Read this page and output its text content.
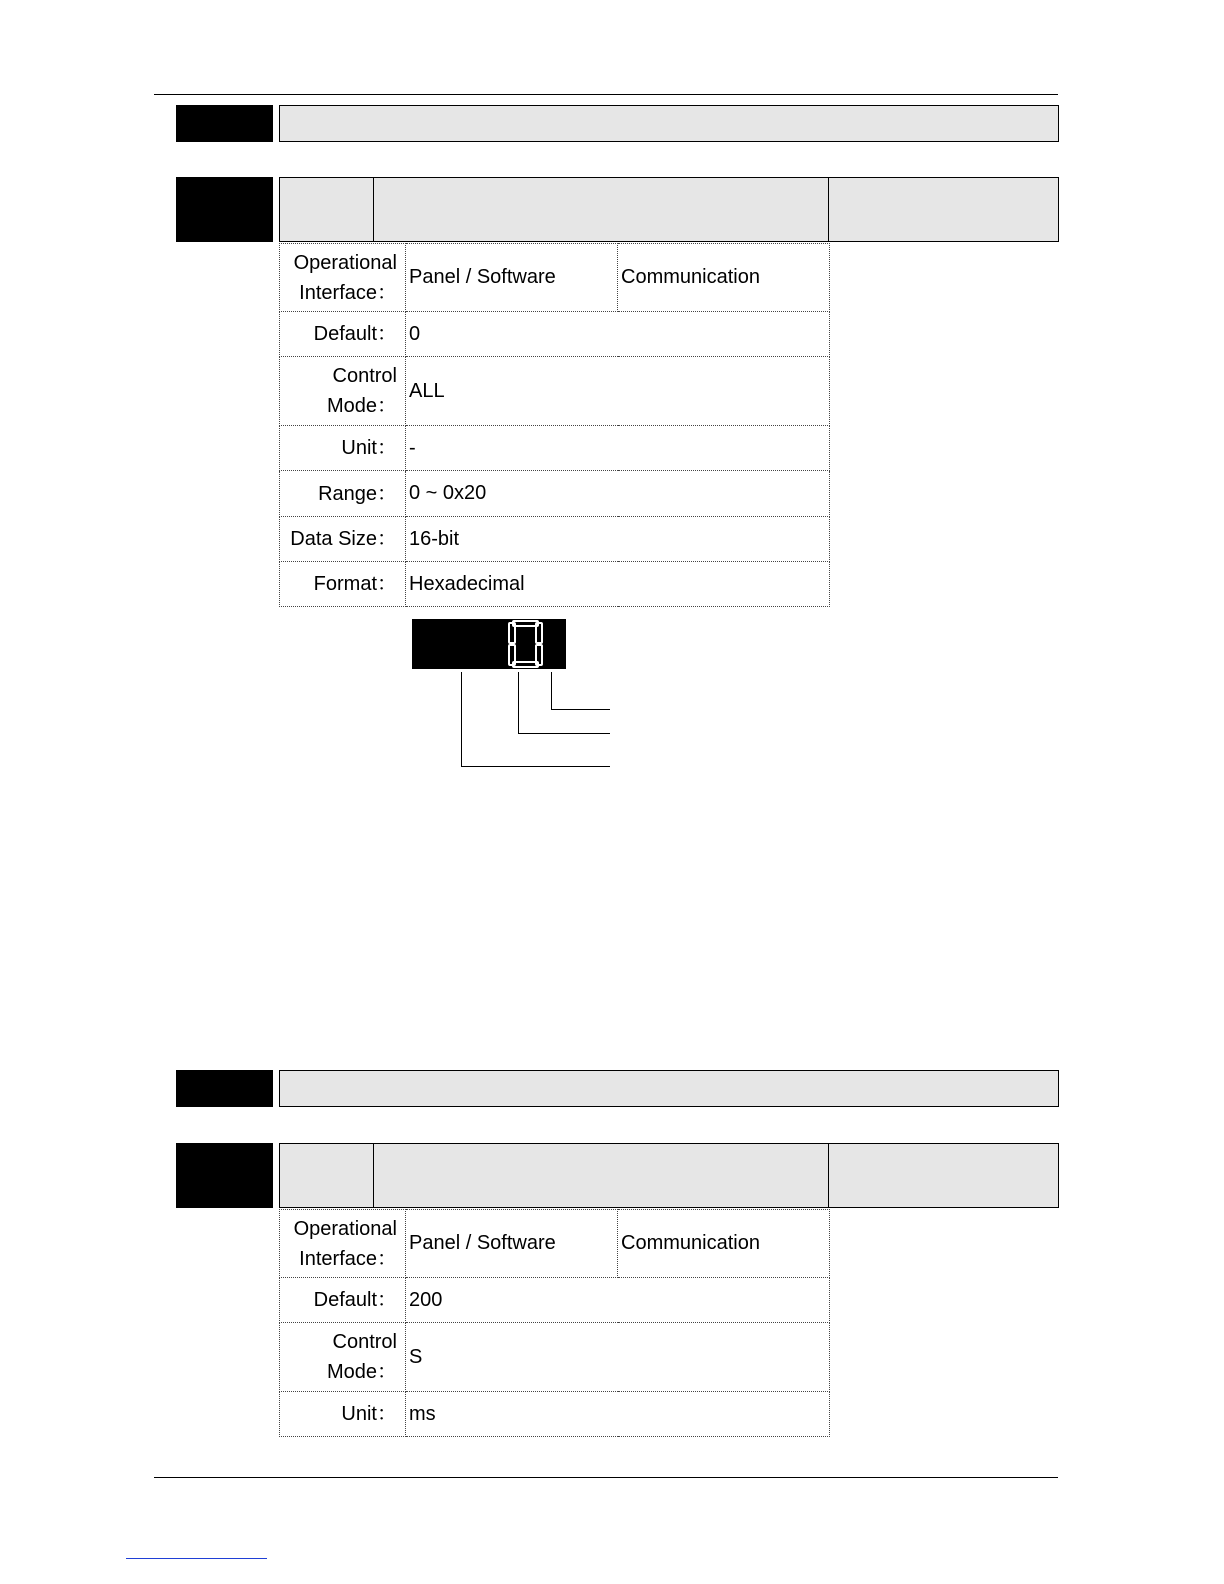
Operational
Interface：	Panel / Software	Communication
Default：	0	
Control
Mode：	ALL	
Unit：	-	
Range：	0 ~ 0x20	
Data Size：	16-bit	
Format：	Hexadecimal	
Operational
Interface：	Panel / Software	Communication
Default：	200	
Control
Mode：	S	
Unit：	ms	
